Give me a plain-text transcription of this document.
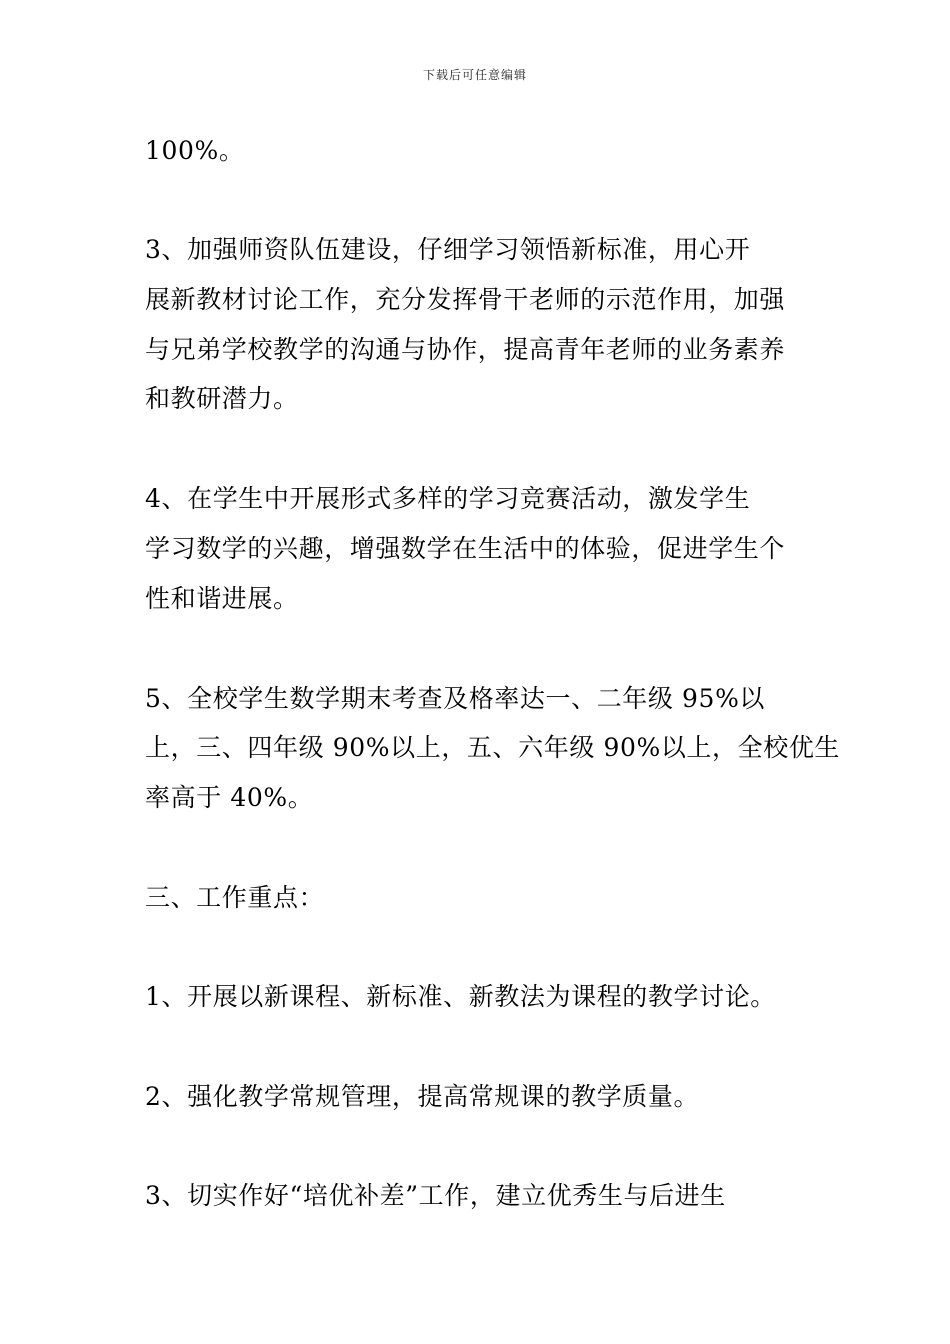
下载后可任意编辑
100%。
3、加强师资队伍建设，仔细学习领悟新标准，用心开
展新教材讨论工作，充分发挥骨干老师的示范作用，加强
与兄弟学校教学的沟通与协作，提高青年老师的业务素养
和教研潜力。
4、在学生中开展形式多样的学习竞赛活动，激发学生
学习数学的兴趣，增强数学在生活中的体验，促进学生个
性和谐进展。
5、全校学生数学期末考查及格率达一、二年级 95%以
上，三、四年级 90%以上，五、六年级 90%以上，全校优生
率高于 40%。
三、工作重点：
1、开展以新课程、新标准、新教法为课程的教学讨论。
2、强化教学常规管理，提高常规课的教学质量。
3、切实作好“培优补差”工作，建立优秀生与后进生
